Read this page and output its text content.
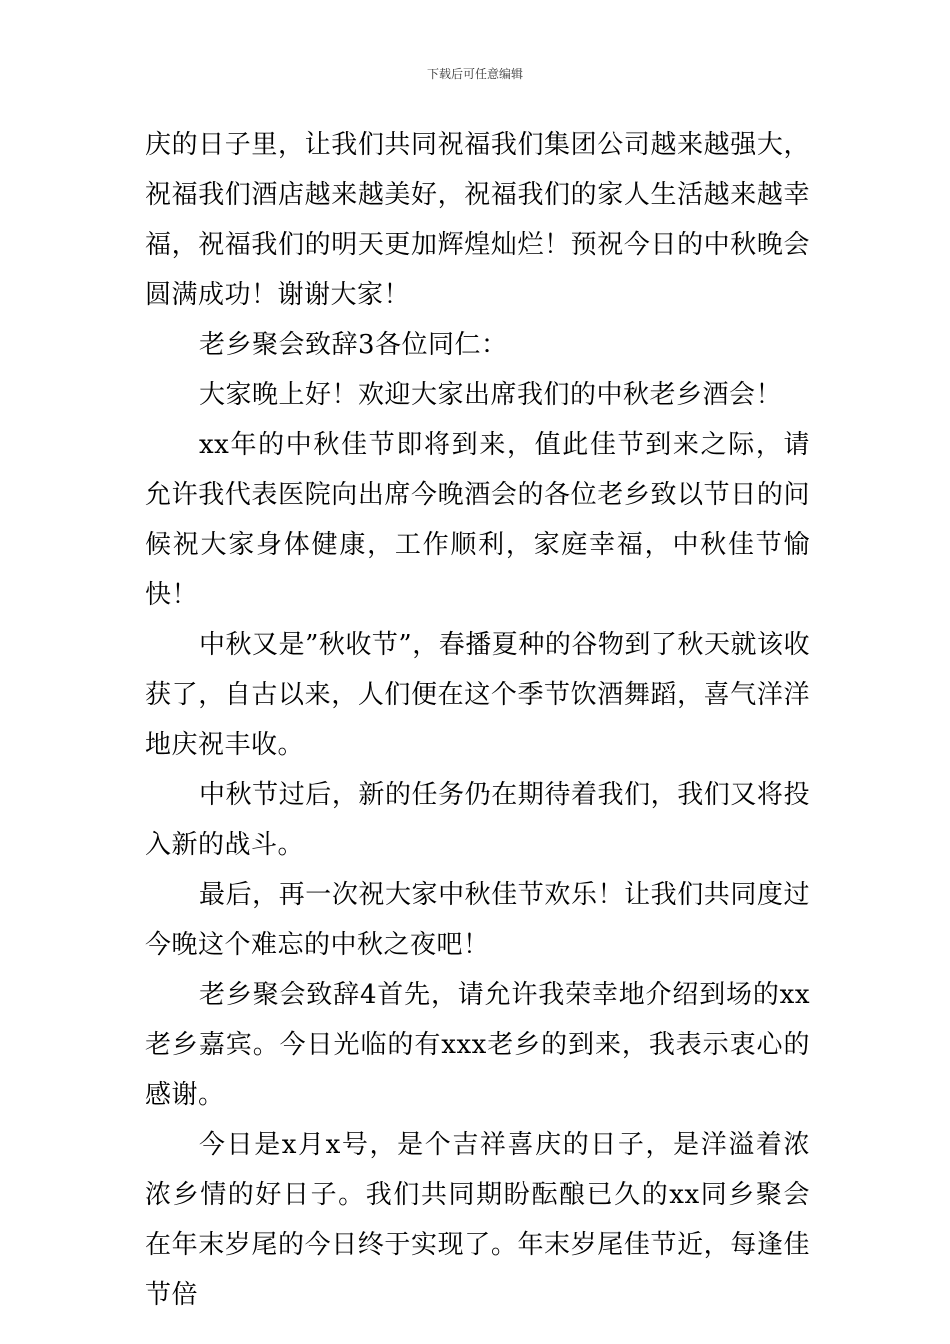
下载后可任意编辑

庆的日子里，让我们共同祝福我们集团公司越来越强大，祝福我们酒店越来越美好，祝福我们的家人生活越来越幸福，祝福我们的明天更加辉煌灿烂！预祝今日的中秋晚会圆满成功！谢谢大家！

老乡聚会致辞3各位同仁：

大家晚上好！欢迎大家出席我们的中秋老乡酒会！

xx年的中秋佳节即将到来，值此佳节到来之际，请允许我代表医院向出席今晚酒会的各位老乡致以节日的问候祝大家身体健康，工作顺利，家庭幸福，中秋佳节愉快！

中秋又是”秋收节”，春播夏种的谷物到了秋天就该收获了，自古以来，人们便在这个季节饮酒舞蹈，喜气洋洋地庆祝丰收。

中秋节过后，新的任务仍在期待着我们，我们又将投入新的战斗。

最后，再一次祝大家中秋佳节欢乐！让我们共同度过今晚这个难忘的中秋之夜吧！

老乡聚会致辞4首先，请允许我荣幸地介绍到场的xx老乡嘉宾。今日光临的有xxx老乡的到来，我表示衷心的感谢。

今日是x月x号，是个吉祥喜庆的日子，是洋溢着浓浓乡情的好日子。我们共同期盼酝酿已久的xx同乡聚会在年末岁尾的今日终于实现了。年末岁尾佳节近，每逢佳节倍
